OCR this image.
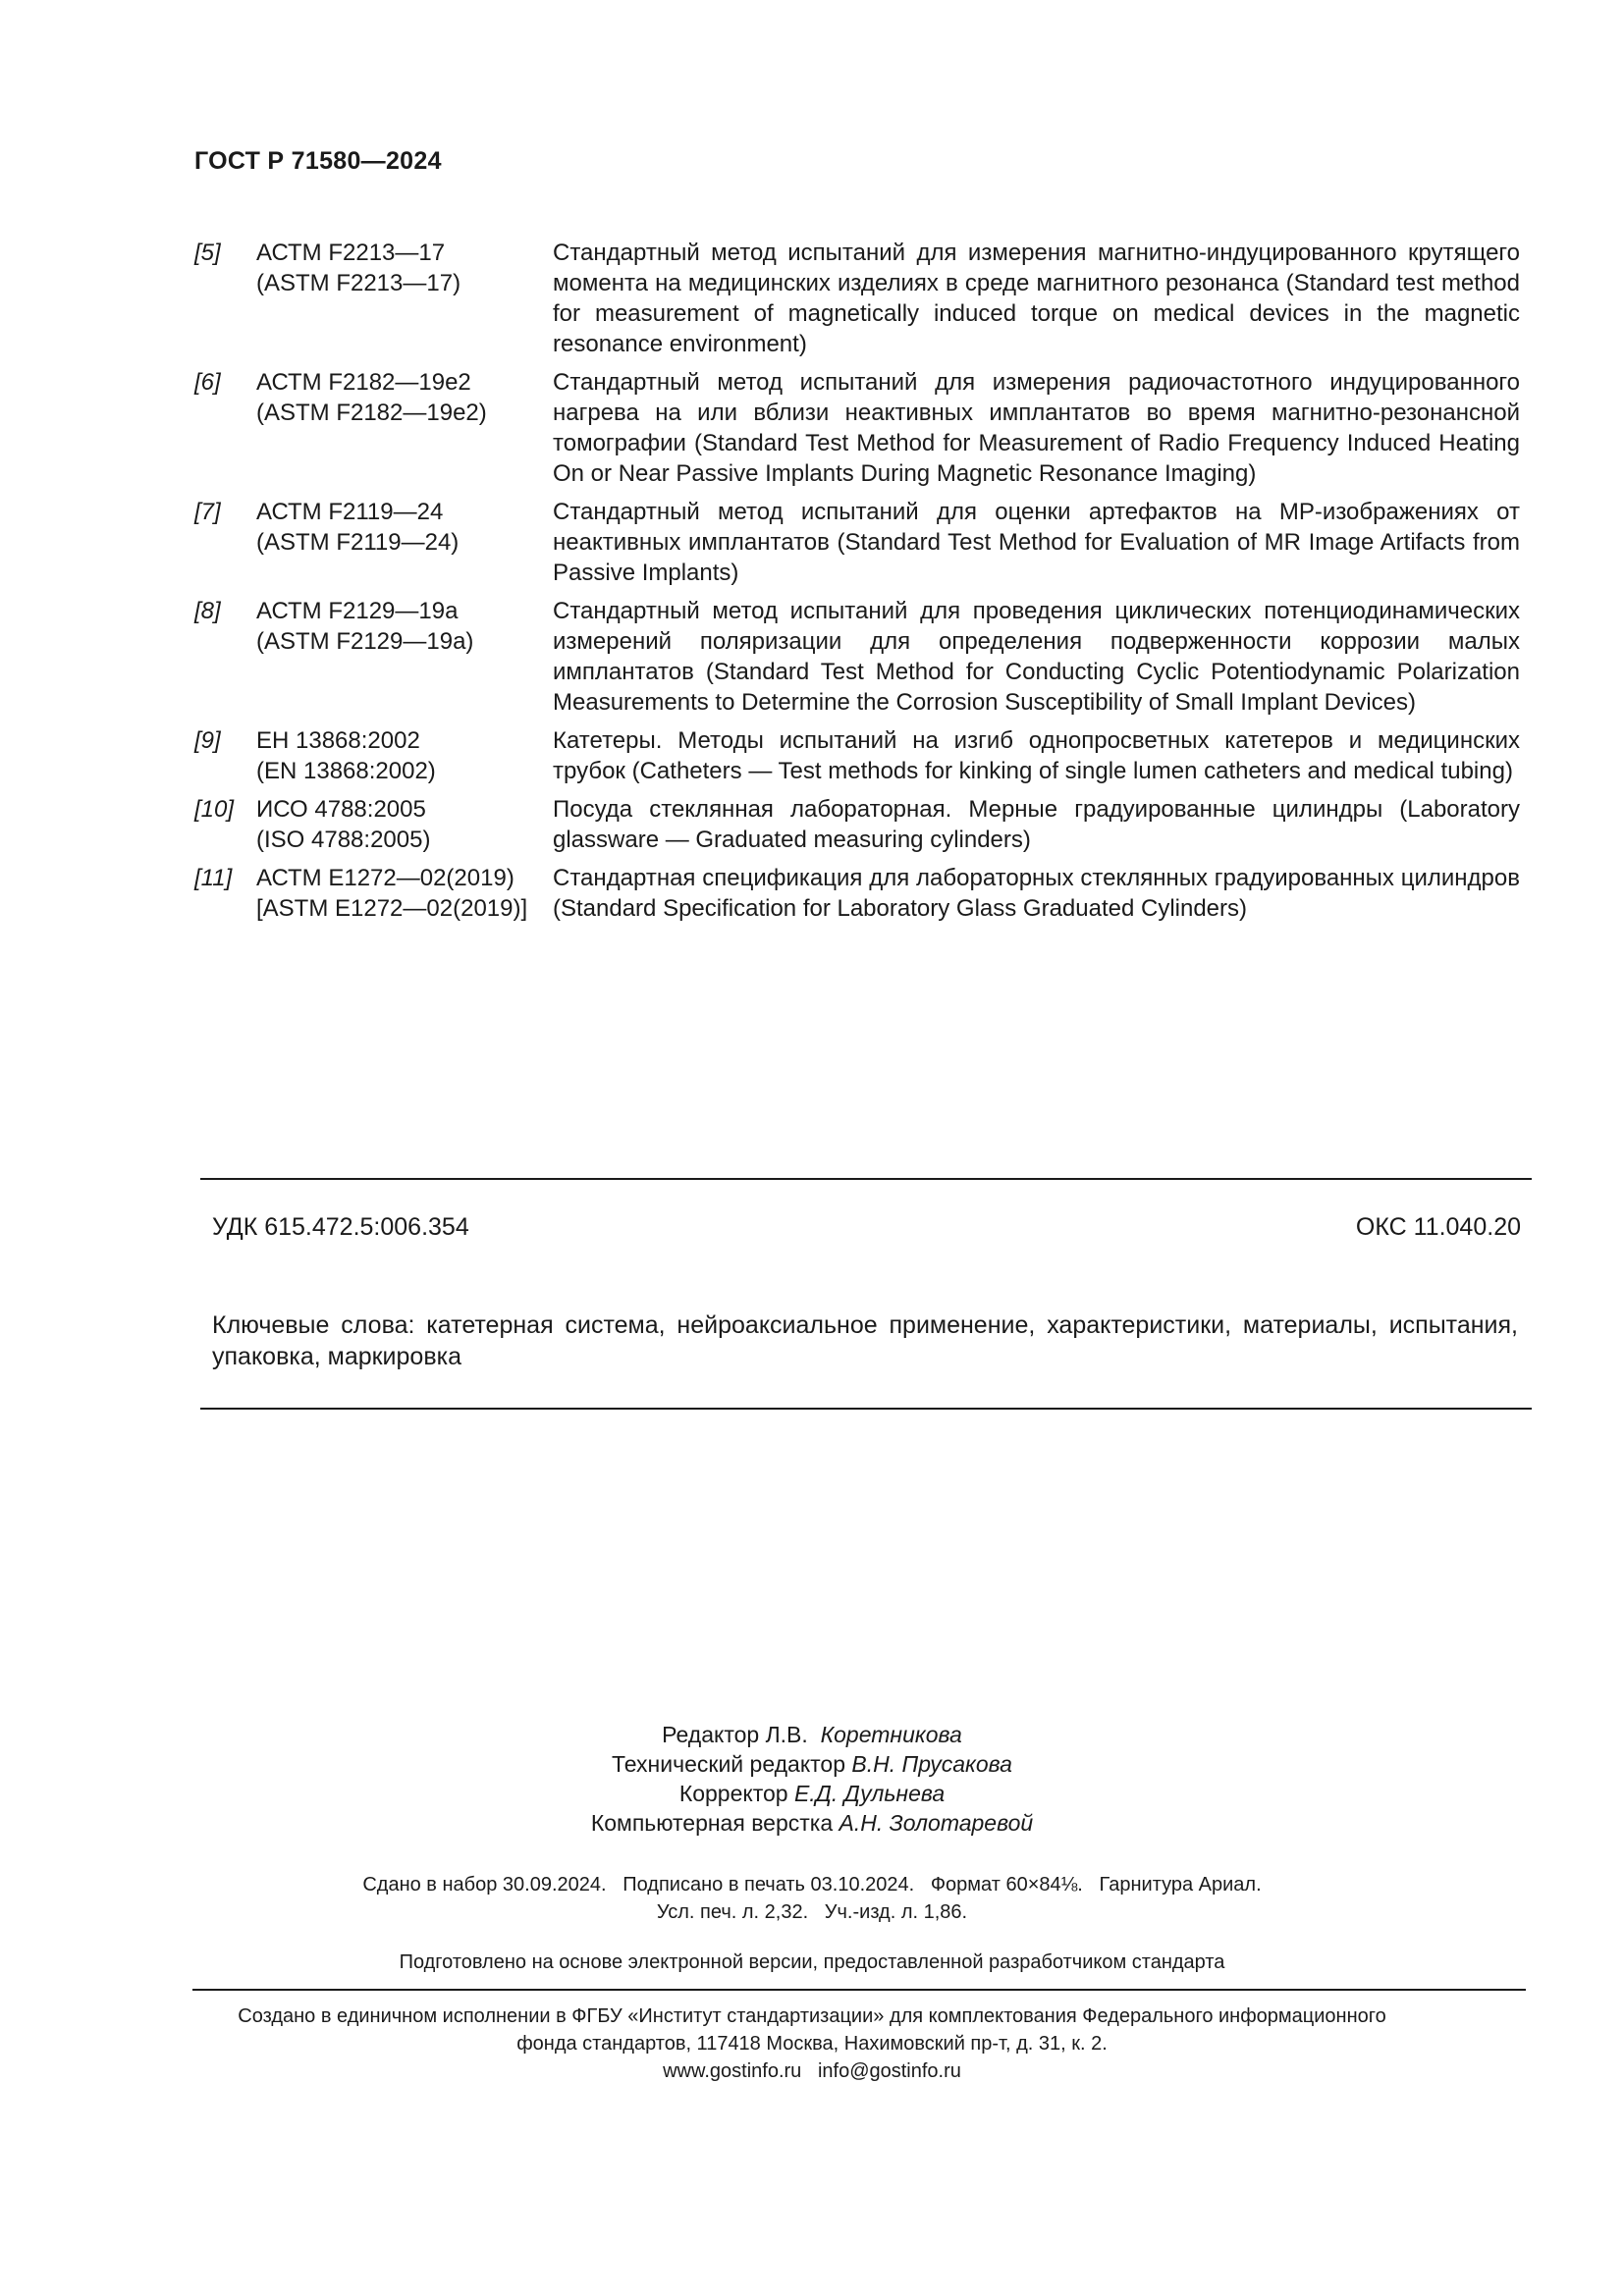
ГОСТ Р 71580—2024
[5]	АСТМ F2213—17
(ASTM F2213—17)
Стандартный метод испытаний для измерения магнитно-индуцированного крутящего момента на медицинских изделиях в среде магнитного резонанса (Standard test method for measurement of magnetically induced torque on medical devices in the magnetic resonance environment)
[6]	АСТМ F2182—19е2
(ASTM F2182—19e2)
Стандартный метод испытаний для измерения радиочастотного индуцированного нагрева на или вблизи неактивных имплантатов во время магнитно-резонансной томографии (Standard Test Method for Measurement of Radio Frequency Induced Heating On or Near Passive Implants During Magnetic Resonance Imaging)
[7]	АСТМ F2119—24
(ASTM F2119—24)
Стандартный метод испытаний для оценки артефактов на МР-изображениях от неактивных имплантатов (Standard Test Method for Evaluation of MR Image Artifacts from Passive Implants)
[8]	АСТМ F2129—19а
(ASTM F2129—19a)
Стандартный метод испытаний для проведения циклических потенциодинамических измерений поляризации для определения подверженности коррозии малых имплантатов (Standard Test Method for Conducting Cyclic Potentiodynamic Polarization Measurements to Determine the Corrosion Susceptibility of Small Implant Devices)
[9]	ЕН 13868:2002
(EN 13868:2002)
Катетеры. Методы испытаний на изгиб однопросветных катетеров и медицинских трубок (Catheters — Test methods for kinking of single lumen catheters and medical tubing)
[10] ИСО 4788:2005
(ISO 4788:2005)
Посуда стеклянная лабораторная. Мерные градуированные цилиндры (Laboratory glassware — Graduated measuring cylinders)
[11]	АСТМ Е1272—02(2019)
[ASTM E1272—02(2019)]
Стандартная спецификация для лабораторных стеклянных градуированных цилиндров (Standard Specification for Laboratory Glass Graduated Cylinders)
УДК 615.472.5:006.354	ОКС 11.040.20
Ключевые слова: катетерная система, нейроаксиальное применение, характеристики, материалы, испытания, упаковка, маркировка
Редактор Л.В. Коретникова
Технический редактор В.Н. Прусакова
Корректор Е.Д. Дульнева
Компьютерная верстка А.Н. Золотаревой
Сдано в набор 30.09.2024.   Подписано в печать 03.10.2024.   Формат 60×84⅛.   Гарнитура Ариал.
Усл. печ. л. 2,32.   Уч.-изд. л. 1,86.
Подготовлено на основе электронной версии, предоставленной разработчиком стандарта
Создано в единичном исполнении в ФГБУ «Институт стандартизации» для комплектования Федерального информационного
фонда стандартов, 117418 Москва, Нахимовский пр-т, д. 31, к. 2.
www.gostinfo.ru   info@gostinfo.ru
